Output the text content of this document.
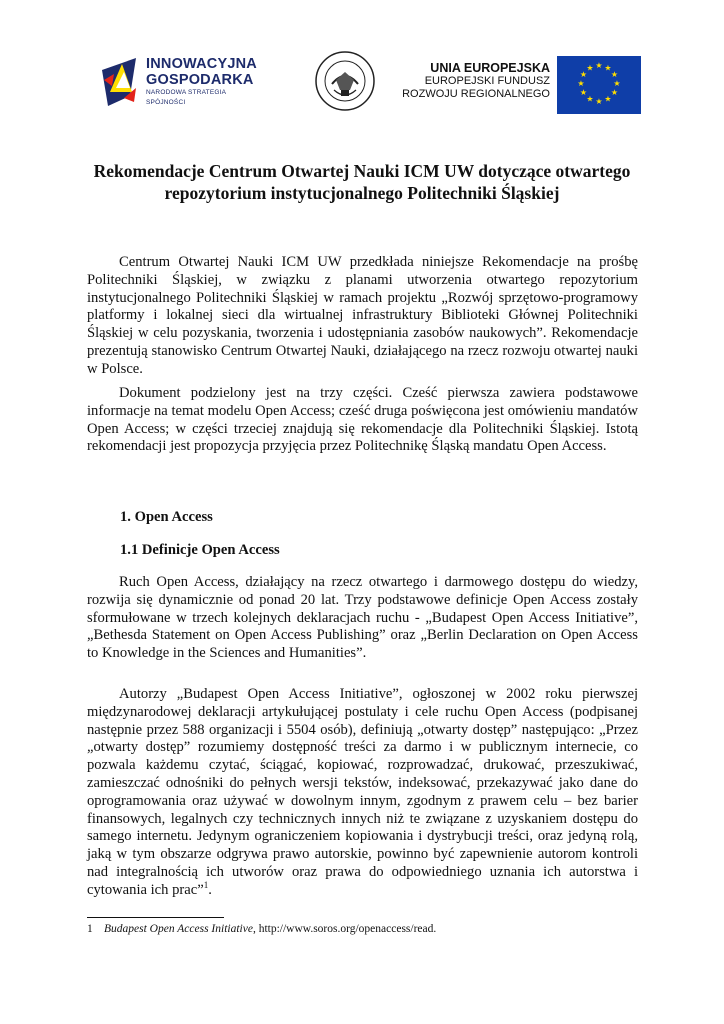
INNOWACYJNA
GOSPODARKA
NARODOWA STRATEGIA SPÓJNOŚCI
UNIA EUROPEJSKA
EUROPEJSKI FUNDUSZ
ROZWOJU REGIONALNEGO
★ ★
★
★
★
★
★
★
★
★
★
★
Rekomendacje Centrum Otwartej Nauki ICM UW dotyczące otwartego
repozytorium instytucjonalnego Politechniki Śląskiej

Centrum Otwartej Nauki ICM UW przedkłada niniejsze Rekomendacje na prośbę Politechniki Śląskiej, w związku z planami utworzenia otwartego repozytorium instytucjonalnego Politechniki Śląskiej w ramach projektu „Rozwój sprzętowo-programowy platformy i lokalnej sieci dla wirtualnej infrastruktury Biblioteki Głównej Politechniki Śląskiej w celu pozyskania, tworzenia i udostępniania zasobów naukowych”. Rekomendacje prezentują stanowisko Centrum Otwartej Nauki, działającego na rzecz rozwoju otwartej nauki w Polsce.

Dokument podzielony jest na trzy części. Cześć pierwsza zawiera podstawowe informacje na temat modelu Open Access; cześć druga poświęcona jest omówieniu mandatów Open Access; w części trzeciej znajdują się rekomendacje dla Politechniki Śląskiej. Istotą rekomendacji jest propozycja przyjęcia przez Politechnikę Śląską mandatu Open Access.

1. Open Access
1.1 Definicje Open Access

Ruch Open Access, działający na rzecz otwartego i darmowego dostępu do wiedzy, rozwija się dynamicznie od ponad 20 lat. Trzy podstawowe definicje Open Access zostały sformułowane w trzech kolejnych deklaracjach ruchu - „Budapest Open Access Initiative”, „Bethesda Statement on Open Access Publishing” oraz „Berlin Declaration on Open Access to Knowledge in the Sciences and Humanities”.

Autorzy „Budapest Open Access Initiative”, ogłoszonej w 2002 roku pierwszej międzynarodowej deklaracji artykułującej postulaty i cele ruchu Open Access (podpisanej następnie przez 588 organizacji i 5504 osób), definiują „otwarty dostęp” następująco: „Przez „otwarty dostęp” rozumiemy dostępność treści za darmo i w publicznym internecie, co pozwala każdemu czytać, ściągać, kopiować, rozprowadzać, drukować, przeszukiwać, zamieszczać odnośniki do pełnych wersji tekstów, indeksować, przekazywać jako dane do oprogramowania oraz używać w dowolnym innym, zgodnym z prawem celu – bez barier finansowych, legalnych czy technicznych innych niż te związane z uzyskaniem dostępu do samego internetu. Jedynym ograniczeniem kopiowania i dystrybucji treści, oraz jedyną rolą, jaką w tym obszarze odgrywa prawo autorskie, powinno być zapewnienie autorom kontroli nad integralnością ich utworów oraz prawa do odpowiedniego uznania ich autorstwa i cytowania ich prac”$^1$.

1 Budapest Open Access Initiative, http://www.soros.org/openaccess/read.
